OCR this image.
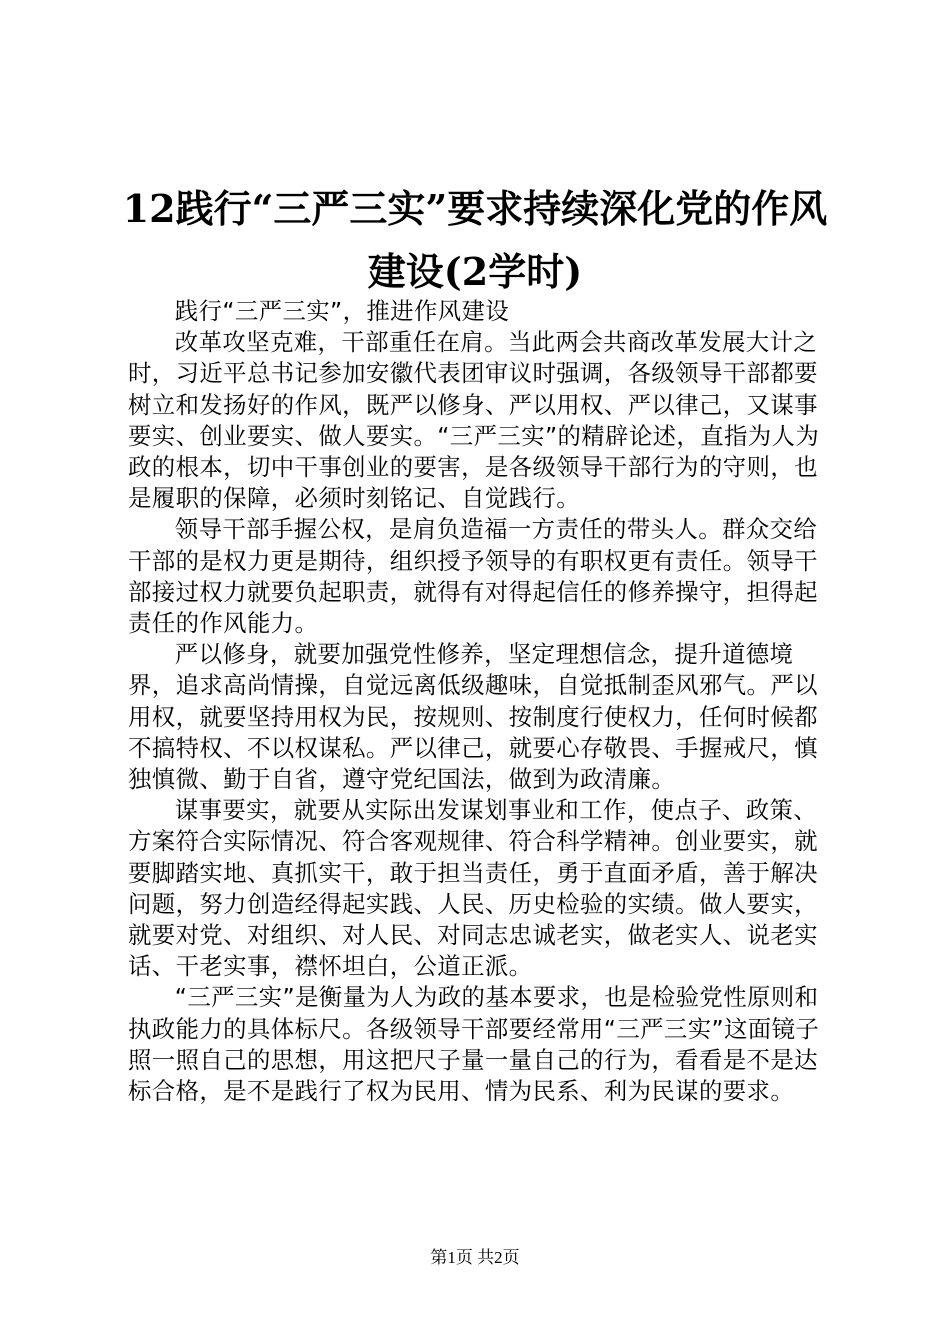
12践行“三严三实”要求持续深化党的作风
建设(2学时)

践行“三严三实”，推进作风建设

改革攻坚克难，干部重任在肩。当此两会共商改革发展大计之时，习近平总书记参加安徽代表团审议时强调，各级领导干部都要树立和发扬好的作风，既严以修身、严以用权、严以律己，又谋事要实、创业要实、做人要实。“三严三实”的精辟论述，直指为人为政的根本，切中干事创业的要害，是各级领导干部行为的守则，也是履职的保障，必须时刻铭记、自觉践行。

领导干部手握公权，是肩负造福一方责任的带头人。群众交给干部的是权力更是期待，组织授予领导的有职权更有责任。领导干部接过权力就要负起职责，就得有对得起信任的修养操守，担得起责任的作风能力。

严以修身，就要加强党性修养，坚定理想信念，提升道德境界，追求高尚情操，自觉远离低级趣味，自觉抵制歪风邪气。严以用权，就要坚持用权为民，按规则、按制度行使权力，任何时候都不搞特权、不以权谋私。严以律己，就要心存敬畏、手握戒尺，慎独慎微、勤于自省，遵守党纪国法，做到为政清廉。

谋事要实，就要从实际出发谋划事业和工作，使点子、政策、方案符合实际情况、符合客观规律、符合科学精神。创业要实，就要脚踏实地、真抓实干，敢于担当责任，勇于直面矛盾，善于解决问题，努力创造经得起实践、人民、历史检验的实绩。做人要实，就要对党、对组织、对人民、对同志忠诚老实，做老实人、说老实话、干老实事，襟怀坦白，公道正派。

“三严三实”是衡量为人为政的基本要求，也是检验党性原则和执政能力的具体标尺。各级领导干部要经常用“三严三实”这面镜子照一照自己的思想，用这把尺子量一量自己的行为，看看是不是达标合格，是不是践行了权为民用、情为民系、利为民谋的要求。

第1页 共2页
